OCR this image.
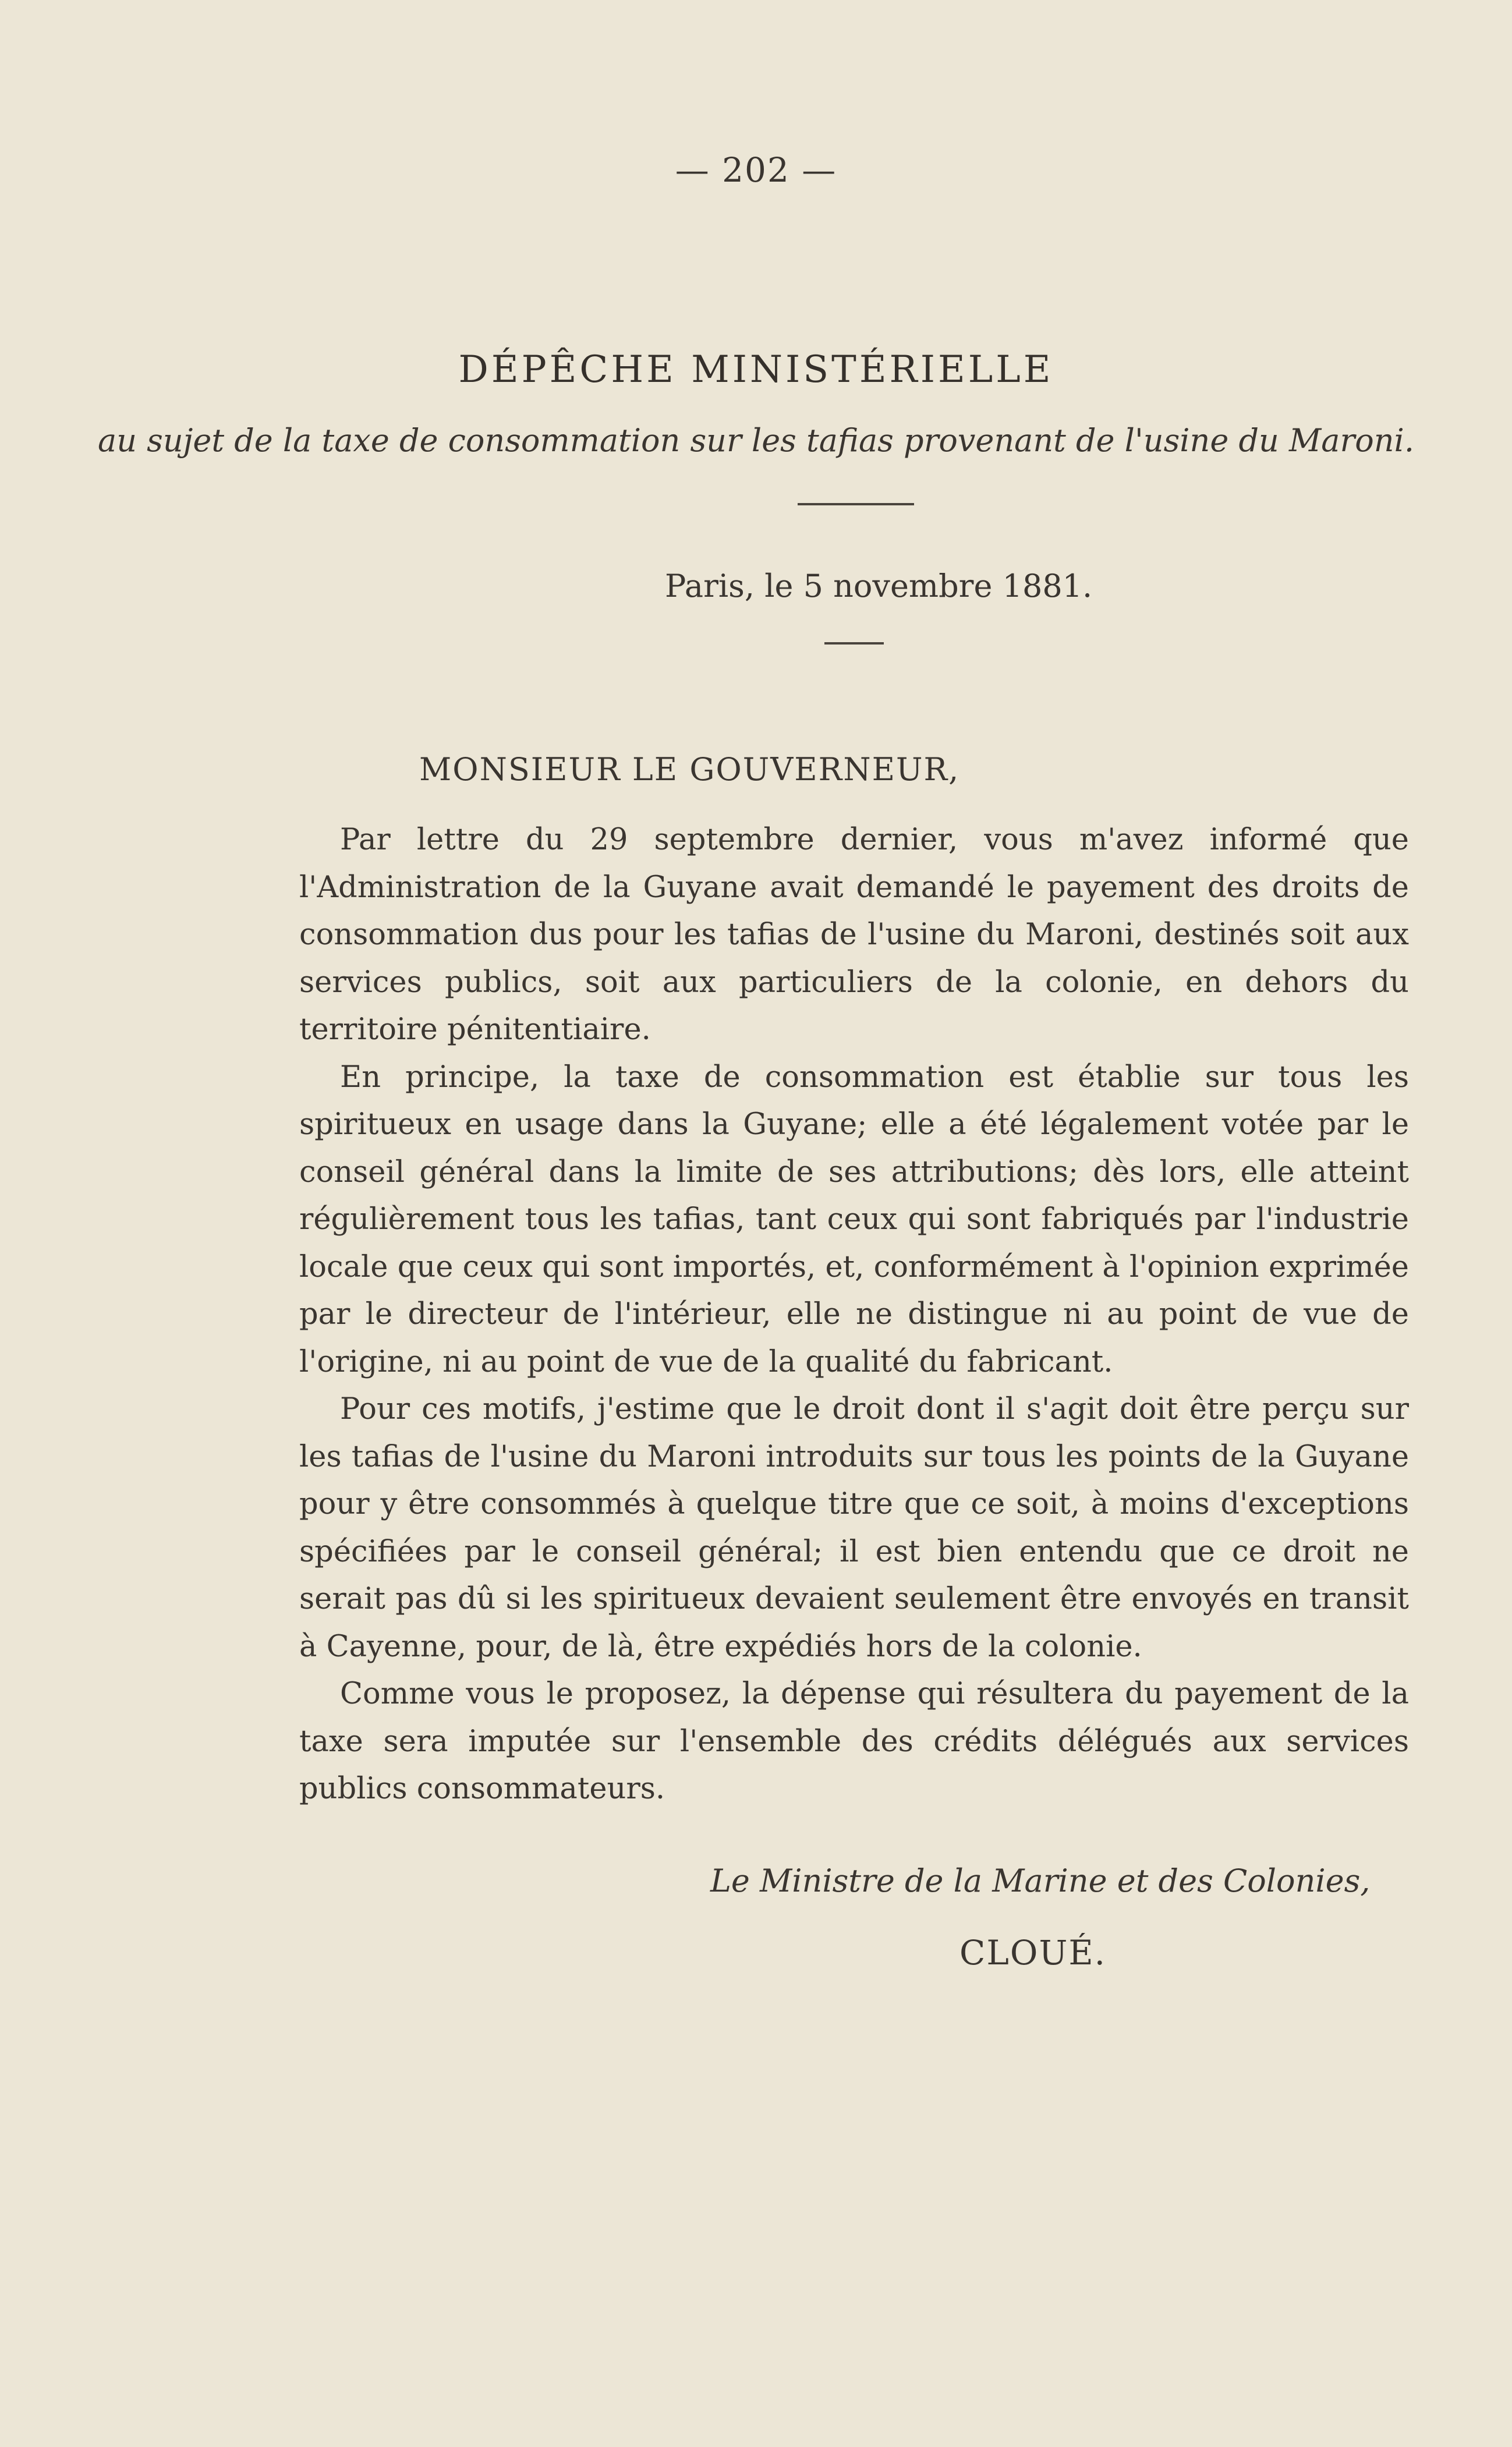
— 202 —
DÉPÊCHE MINISTÉRIELLE
au sujet de la taxe de consommation sur les tafias provenant de l'usine du Maroni.
Paris, le 5 novembre 1881.
MONSIEUR LE GOUVERNEUR,

Par lettre du 29 septembre dernier, vous m'avez informé que l'Administration de la Guyane avait demandé le payement des droits de consommation dus pour les tafias de l'usine du Maroni, destinés soit aux services publics, soit aux particuliers de la colonie, en dehors du territoire pénitentiaire.

En principe, la taxe de consommation est établie sur tous les spiritueux en usage dans la Guyane; elle a été légalement votée par le conseil général dans la limite de ses attributions; dès lors, elle atteint régulièrement tous les tafias, tant ceux qui sont fabriqués par l'industrie locale que ceux qui sont importés, et, conformément à l'opinion exprimée par le directeur de l'intérieur, elle ne distingue ni au point de vue de l'origine, ni au point de vue de la qualité du fabricant.

Pour ces motifs, j'estime que le droit dont il s'agit doit être perçu sur les tafias de l'usine du Maroni introduits sur tous les points de la Guyane pour y être consommés à quelque titre que ce soit, à moins d'exceptions spécifiées par le conseil général; il est bien entendu que ce droit ne serait pas dû si les spiritueux devaient seulement être envoyés en transit à Cayenne, pour, de là, être expédiés hors de la colonie.

Comme vous le proposez, la dépense qui résultera du payement de la taxe sera imputée sur l'ensemble des crédits délégués aux services publics consommateurs.

Le Ministre de la Marine et des Colonies,
CLOUÉ.
